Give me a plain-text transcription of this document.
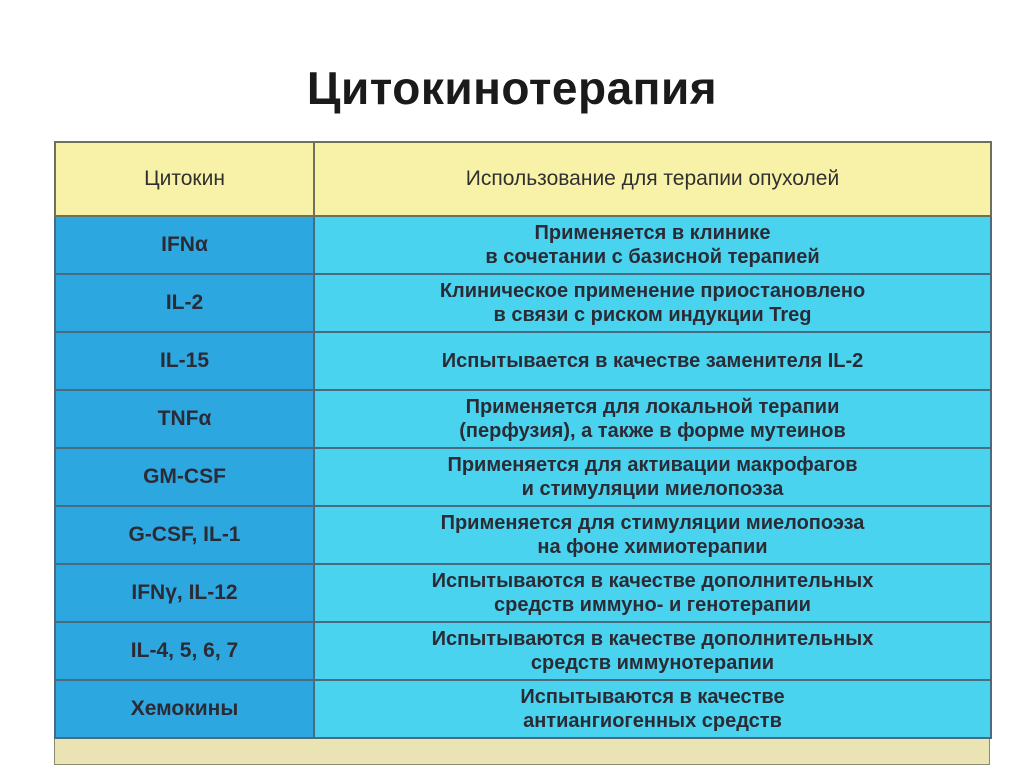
Цитокинотерапия
Цитокин	Использование для терапии опухолей
IFNα	Применяется в клинике
в сочетании с базисной терапией
IL-2	Клиническое применение приостановлено
в связи с риском индукции Treg
IL-15	Испытывается в качестве заменителя IL-2
TNFα	Применяется для локальной терапии
(перфузия), а также в форме мутеинов
GM-CSF	Применяется для активации макрофагов
и стимуляции миелопоэза
G-CSF, IL-1	Применяется для стимуляции миелопоэза
на фоне химиотерапии
IFNγ, IL-12	Испытываются в качестве дополнительных
средств иммуно- и генотерапии
IL-4, 5, 6, 7	Испытываются в качестве дополнительных
средств иммунотерапии
Хемокины	Испытываются в качестве
антиангиогенных средств
